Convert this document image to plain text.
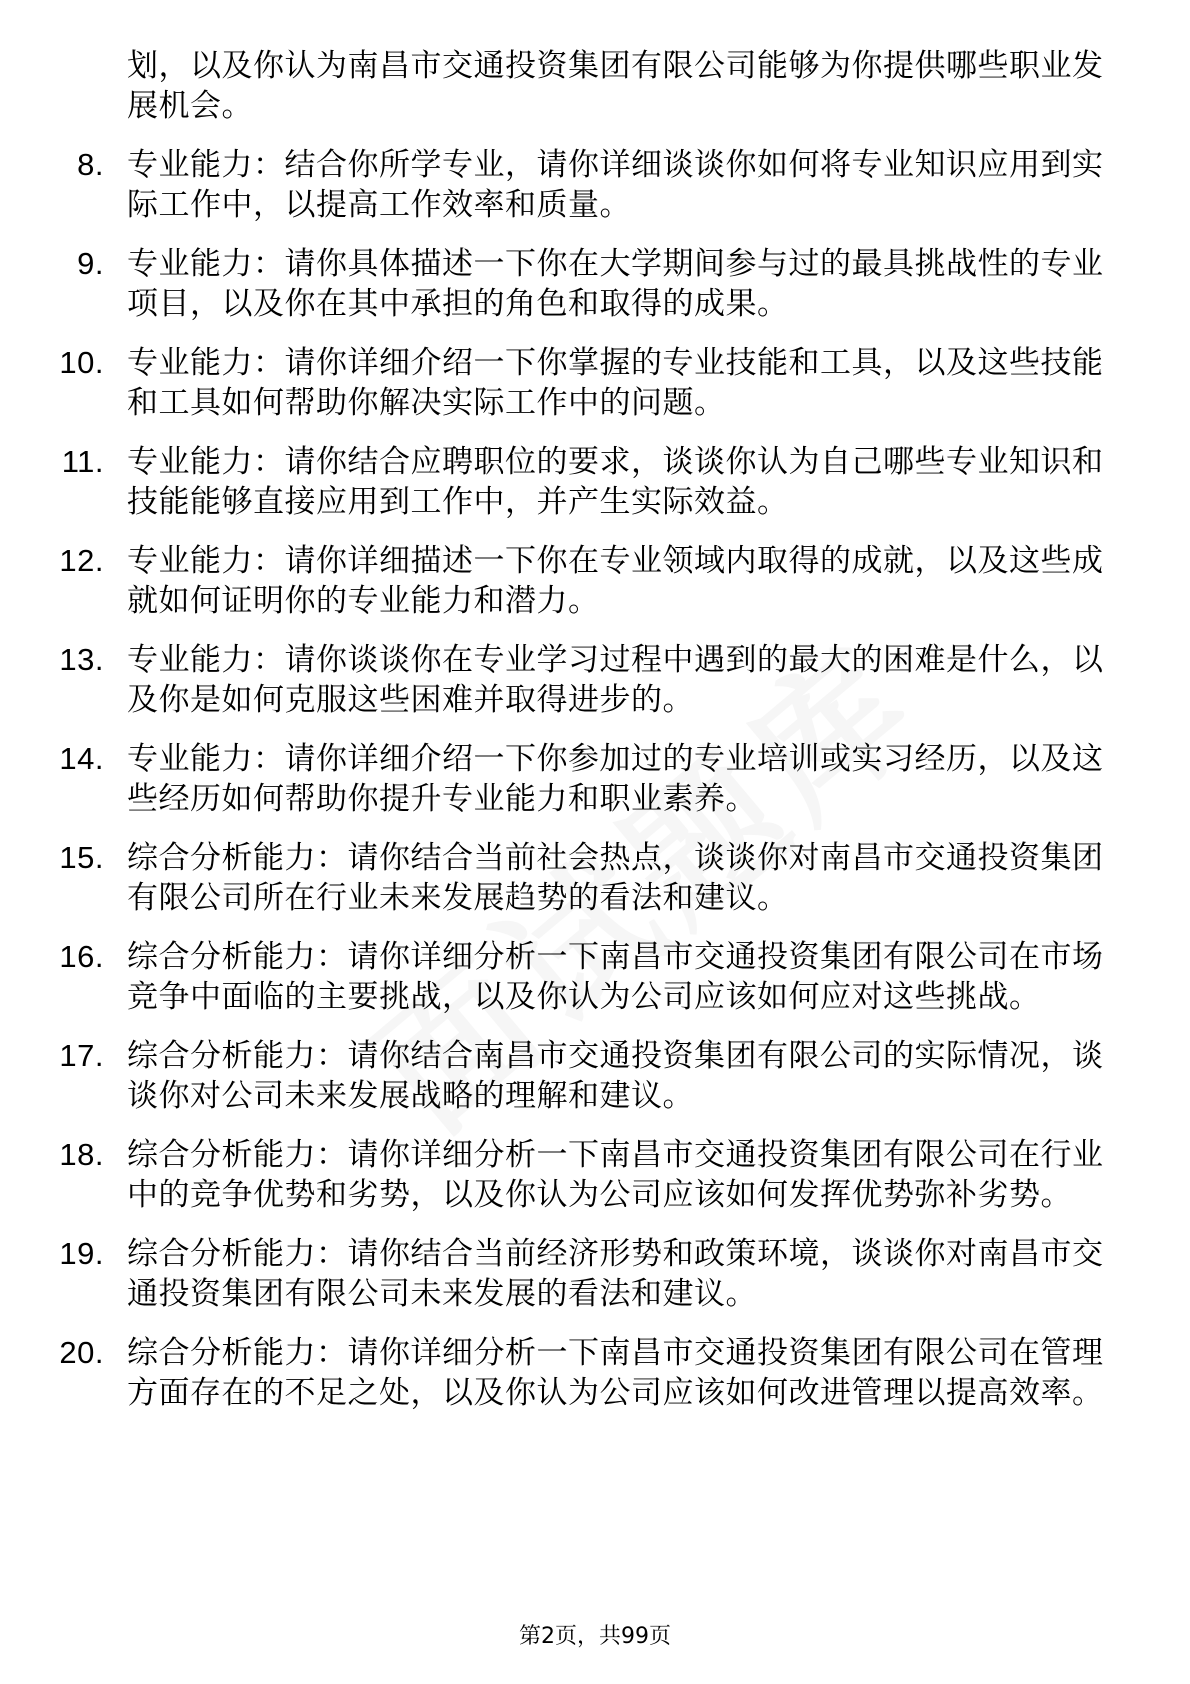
划，以及你认为南昌市交通投资集团有限公司能够为你提供哪些职业发展机会。
8. 专业能力：结合你所学专业，请你详细谈谈你如何将专业知识应用到实际工作中，以提高工作效率和质量。
9. 专业能力：请你具体描述一下你在大学期间参与过的最具挑战性的专业项目，以及你在其中承担的角色和取得的成果。
10. 专业能力：请你详细介绍一下你掌握的专业技能和工具，以及这些技能和工具如何帮助你解决实际工作中的问题。
11. 专业能力：请你结合应聘职位的要求，谈谈你认为自己哪些专业知识和技能能够直接应用到工作中，并产生实际效益。
12. 专业能力：请你详细描述一下你在专业领域内取得的成就，以及这些成就如何证明你的专业能力和潜力。
13. 专业能力：请你谈谈你在专业学习过程中遇到的最大的困难是什么，以及你是如何克服这些困难并取得进步的。
14. 专业能力：请你详细介绍一下你参加过的专业培训或实习经历，以及这些经历如何帮助你提升专业能力和职业素养。
15. 综合分析能力：请你结合当前社会热点，谈谈你对南昌市交通投资集团有限公司所在行业未来发展趋势的看法和建议。
16. 综合分析能力：请你详细分析一下南昌市交通投资集团有限公司在市场竞争中面临的主要挑战，以及你认为公司应该如何应对这些挑战。
17. 综合分析能力：请你结合南昌市交通投资集团有限公司的实际情况，谈谈你对公司未来发展战略的理解和建议。
18. 综合分析能力：请你详细分析一下南昌市交通投资集团有限公司在行业中的竞争优势和劣势，以及你认为公司应该如何发挥优势弥补劣势。
19. 综合分析能力：请你结合当前经济形势和政策环境，谈谈你对南昌市交通投资集团有限公司未来发展的看法和建议。
20. 综合分析能力：请你详细分析一下南昌市交通投资集团有限公司在管理方面存在的不足之处，以及你认为公司应该如何改进管理以提高效率。
第2页，共99页
